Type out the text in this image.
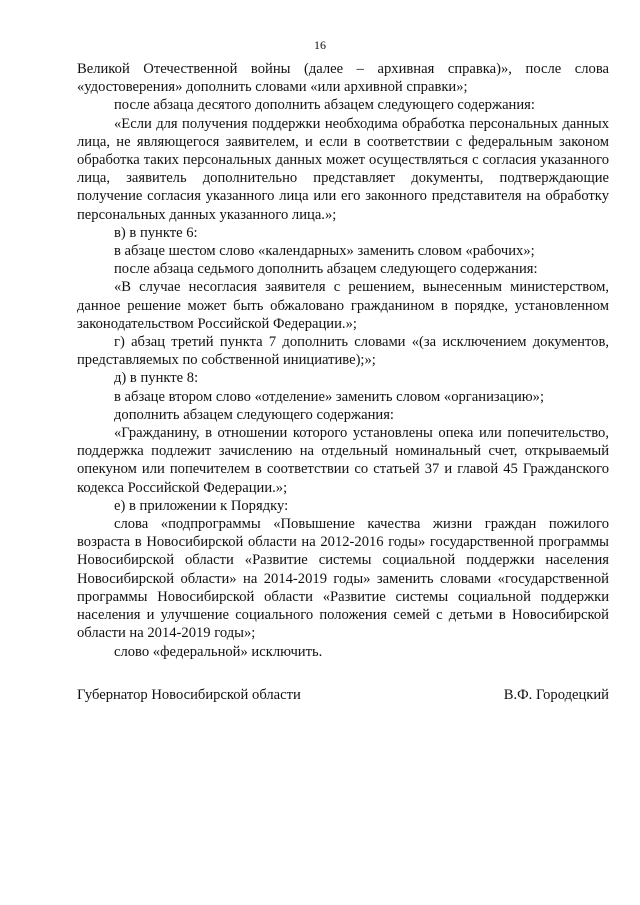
16

Великой Отечественной войны (далее – архивная справка)», после слова «удостоверения» дополнить словами «или архивной справки»;

после абзаца десятого дополнить абзацем следующего содержания:

«Если для получения поддержки необходима обработка персональных данных лица, не являющегося заявителем, и если в соответствии с федеральным законом обработка таких персональных данных может осуществляться с согласия указанного лица, заявитель дополнительно представляет документы, подтверждающие получение согласия указанного лица или его законного представителя на обработку персональных данных указанного лица.»;

в) в пункте 6:

в абзаце шестом слово «календарных» заменить словом «рабочих»;

после абзаца седьмого дополнить абзацем следующего содержания:

«В случае несогласия заявителя с решением, вынесенным министерством, данное решение может быть обжаловано гражданином в порядке, установленном законодательством Российской Федерации.»;

г) абзац третий пункта 7 дополнить словами «(за исключением документов, представляемых по собственной инициативе);»;

д) в пункте 8:

в абзаце втором слово «отделение» заменить словом «организацию»;

дополнить абзацем следующего содержания:

«Гражданину, в отношении которого установлены опека или попечительство, поддержка подлежит зачислению на отдельный номинальный счет, открываемый опекуном или попечителем в соответствии со статьей 37 и главой 45 Гражданского кодекса Российской Федерации.»;

е) в приложении к Порядку:

слова «подпрограммы «Повышение качества жизни граждан пожилого возраста в Новосибирской области на 2012-2016 годы» государственной программы Новосибирской области «Развитие системы социальной поддержки населения Новосибирской области» на 2014-2019 годы» заменить словами «государственной программы Новосибирской области «Развитие системы социальной поддержки населения и улучшение социального положения семей с детьми в Новосибирской области на 2014-2019 годы»;

слово «федеральной» исключить.

Губернатор Новосибирской области	В.Ф. Городецкий
